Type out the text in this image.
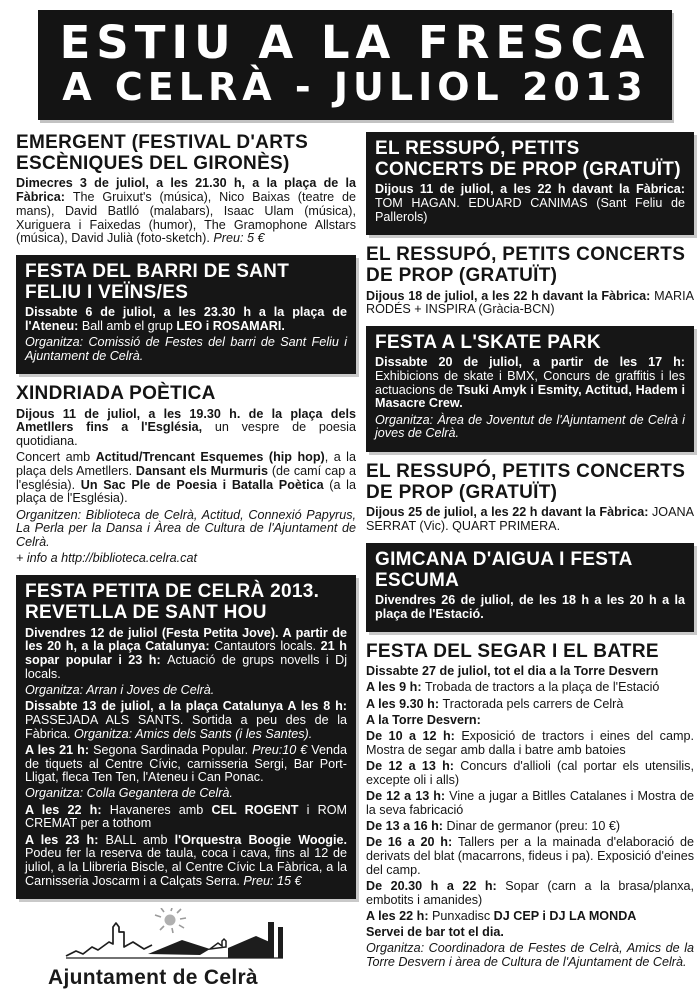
ESTIU A LA FRESCA
A CELRÀ - JULIOL 2013
EMERGENT (FESTIVAL D'ARTS ESCÈNIQUES DEL GIRONÈS)

Dimecres 3 de juliol, a les 21.30 h, a la plaça de la Fàbrica: The Gruixut's (música), Nico Baixas (teatre de mans), David Batlló (malabars), Isaac Ulam (música), Xuriguera i Faixedas (humor), The Gramophone Allstars (música), David Julià (foto-sketch). Preu: 5 €

FESTA DEL BARRI DE SANT FELIU I VEÏNS/ES

Dissabte 6 de juliol, a les 23.30 h a la plaça de l'Ateneu: Ball amb el grup LEO i ROSAMARI.

Organitza: Comissió de Festes del barri de Sant Feliu i Ajuntament de Celrà.

XINDRIADA POÈTICA

Dijous 11 de juliol, a les 19.30 h. de la plaça dels Ametllers fins a l'Església, un vespre de poesia quotidiana.

Concert amb Actitud/Trencant Esquemes (hip hop), a la plaça dels Ametllers. Dansant els Murmuris (de camí cap a l'església). Un Sac Ple de Poesia i Batalla Poètica (a la plaça de l'Església).

Organitzen: Biblioteca de Celrà, Actitud, Connexió Papyrus, La Perla per la Dansa i Àrea de Cultura de l'Ajuntament de Celrà.

+ info a http://biblioteca.celra.cat

FESTA PETITA DE CELRÀ 2013. REVETLLA DE SANT HOU

Divendres 12 de juliol (Festa Petita Jove). A partir de les 20 h, a la plaça Catalunya: Cantautors locals. 21 h sopar popular i 23 h: Actuació de grups novells i Dj locals.

Organitza: Arran i Joves de Celrà.

Dissabte 13 de juliol, a la plaça Catalunya A les 8 h: PASSEJADA ALS SANTS. Sortida a peu des de la Fàbrica. Organitza: Amics dels Sants (i les Santes).

A les 21 h: Segona Sardinada Popular. Preu:10 € Venda de tiquets al Centre Cívic, carnisseria Sergi, Bar Port-Lligat, fleca Ten Ten, l'Ateneu i Can Ponac.

Organitza: Colla Gegantera de Celrà.

A les 22 h: Havaneres amb CEL ROGENT i ROM CREMAT per a tothom

A les 23 h: BALL amb l'Orquestra Boogie Woogie. Podeu fer la reserva de taula, coca i cava, fins al 12 de juliol, a la Llibreria Biscle, al Centre Cívic La Fàbrica, a la Carnisseria Joscarm i a Calçats Serra. Preu: 15 €

Ajuntament de Celrà
EL RESSUPÓ, PETITS CONCERTS DE PROP (GRATUÏT)

Dijous 11 de juliol, a les 22 h davant la Fàbrica: TOM HAGAN. EDUARD CANIMAS (Sant Feliu de Pallerols)

EL RESSUPÓ, PETITS CONCERTS DE PROP (GRATUÏT)

Dijous 18 de juliol, a les 22 h davant la Fàbrica: MARIA RODÉS + INSPIRA (Gràcia-BCN)

FESTA A L'SKATE PARK

Dissabte 20 de juliol, a partir de les 17 h: Exhibicions de skate i BMX, Concurs de graffitis i les actuacions de Tsuki Amyk i Esmity, Actitud, Hadem i Masacre Crew.

Organitza: Àrea de Joventut de l'Ajuntament de Celrà i joves de Celrà.

EL RESSUPÓ, PETITS CONCERTS DE PROP (GRATUÏT)

Dijous 25 de juliol, a les 22 h davant la Fàbrica: JOANA SERRAT (Vic). QUART PRIMERA.

GIMCANA D'AIGUA I FESTA ESCUMA

Divendres 26 de juliol, de les 18 h a les 20 h a la plaça de l'Estació.

FESTA DEL SEGAR I EL BATRE

Dissabte 27 de juliol, tot el dia a la Torre Desvern

A les 9 h: Trobada de tractors a la plaça de l'Estació

A les 9.30 h: Tractorada pels carrers de Celrà

A la Torre Desvern:

De 10 a 12 h: Exposició de tractors i eines del camp. Mostra de segar amb dalla i batre amb batoies

De 12 a 13 h: Concurs d'allioli (cal portar els utensilis, excepte oli i alls)

De 12 a 13 h: Vine a jugar a Bitlles Catalanes i Mostra de la seva fabricació

De 13 a 16 h: Dinar de germanor (preu: 10 €)

De 16 a 20 h: Tallers per a la mainada d'elaboració de derivats del blat (macarrons, fideus i pa). Exposició d'eines del camp.

De 20.30 h a 22 h: Sopar (carn a la brasa/planxa, embotits i amanides)

A les 22 h: Punxadisc DJ CEP i DJ LA MONDA

Servei de bar tot el dia.

Organitza: Coordinadora de Festes de Celrà, Amics de la Torre Desvern i àrea de Cultura de l'Ajuntament de Celrà.
